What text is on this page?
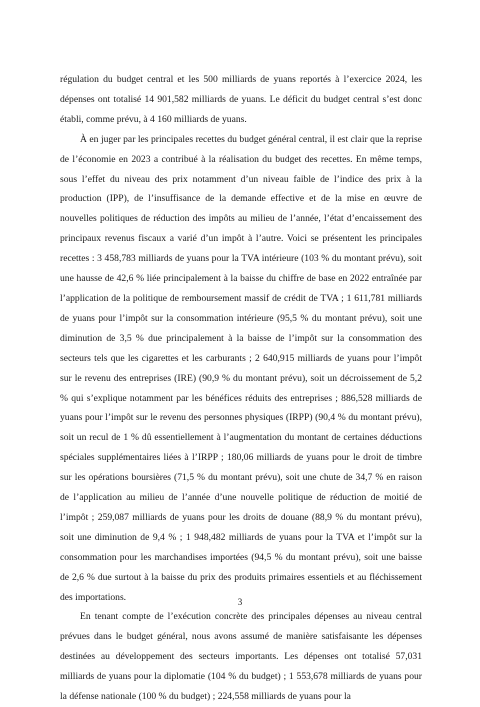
régulation du budget central et les 500 milliards de yuans reportés à l’exercice 2024, les dépenses ont totalisé 14 901,582 milliards de yuans. Le déficit du budget central s’est donc établi, comme prévu, à 4 160 milliards de yuans.

À en juger par les principales recettes du budget général central, il est clair que la reprise de l’économie en 2023 a contribué à la réalisation du budget des recettes. En même temps, sous l’effet du niveau des prix notamment d’un niveau faible de l’indice des prix à la production (IPP), de l’insuffisance de la demande effective et de la mise en œuvre de nouvelles politiques de réduction des impôts au milieu de l’année, l’état d’encaissement des principaux revenus fiscaux a varié d’un impôt à l’autre. Voici se présentent les principales recettes : 3 458,783 milliards de yuans pour la TVA intérieure (103 % du montant prévu), soit une hausse de 42,6 % liée principalement à la baisse du chiffre de base en 2022 entraînée par l’application de la politique de remboursement massif de crédit de TVA ; 1 611,781 milliards de yuans pour l’impôt sur la consommation intérieure (95,5 % du montant prévu), soit une diminution de 3,5 % due principalement à la baisse de l’impôt sur la consommation des secteurs tels que les cigarettes et les carburants ; 2 640,915 milliards de yuans pour l’impôt sur le revenu des entreprises (IRE) (90,9 % du montant prévu), soit un décroissement de 5,2 % qui s’explique notamment par les bénéfices réduits des entreprises ; 886,528 milliards de yuans pour l’impôt sur le revenu des personnes physiques (IRPP) (90,4 % du montant prévu), soit un recul de 1 % dû essentiellement à l’augmentation du montant de certaines déductions spéciales supplémentaires liées à l’IRPP ; 180,06 milliards de yuans pour le droit de timbre sur les opérations boursières (71,5 % du montant prévu), soit une chute de 34,7 % en raison de l’application au milieu de l’année d’une nouvelle politique de réduction de moitié de l’impôt ; 259,087 milliards de yuans pour les droits de douane (88,9 % du montant prévu), soit une diminution de 9,4 % ; 1 948,482 milliards de yuans pour la TVA et l’impôt sur la consommation pour les marchandises importées (94,5 % du montant prévu), soit une baisse de 2,6 % due surtout à la baisse du prix des produits primaires essentiels et au fléchissement des importations.

En tenant compte de l’exécution concrète des principales dépenses au niveau central prévues dans le budget général, nous avons assumé de manière satisfaisante les dépenses destinées au développement des secteurs importants. Les dépenses ont totalisé 57,031 milliards de yuans pour la diplomatie (104 % du budget) ; 1 553,678 milliards de yuans pour la défense nationale (100 % du budget) ; 224,558 milliards de yuans pour la

3
